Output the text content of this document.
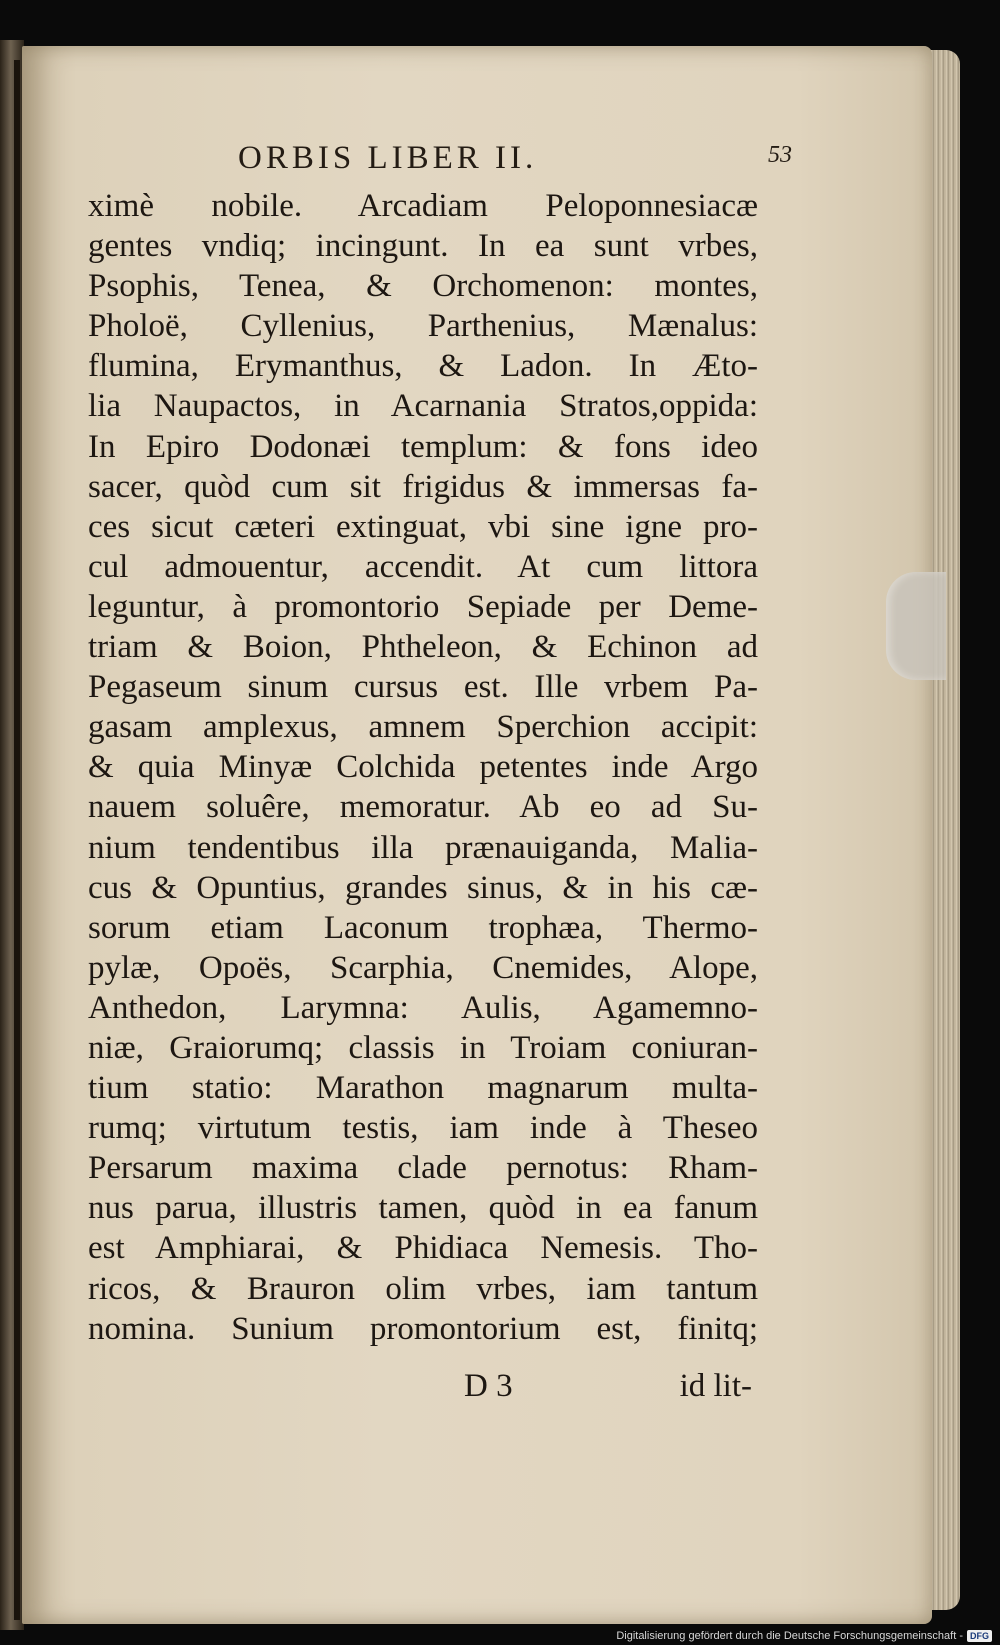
ORBIS LIBER II.	53
ximè nobile. Arcadiam Peloponnesiacæ
gentes vndiq; incingunt. In ea sunt vrbes,
Psophis, Tenea, & Orchomenon: montes,
Pholoë, Cyllenius, Parthenius, Mænalus:
flumina, Erymanthus, & Ladon. In Æto-
lia Naupactos, in Acarnania Stratos,oppida:
In Epiro Dodonæi templum: & fons ideo
sacer, quòd cum sit frigidus & immersas fa-
ces sicut cæteri extinguat, vbi sine igne pro-
cul admouentur, accendit. At cum littora
leguntur, à promontorio Sepiade per Deme-
triam & Boion, Phtheleon, & Echinon ad
Pegaseum sinum cursus est. Ille vrbem Pa-
gasam amplexus, amnem Sperchion accipit:
& quia Minyæ Colchida petentes inde Argo
nauem soluêre, memoratur. Ab eo ad Su-
nium tendentibus illa prænauiganda, Malia-
cus & Opuntius, grandes sinus, & in his cæ-
sorum etiam Laconum trophæa, Thermo-
pylæ, Opoës, Scarphia, Cnemides, Alope,
Anthedon, Larymna: Aulis, Agamemno-
niæ, Graiorumq; classis in Troiam coniuran-
tium statio: Marathon magnarum multa-
rumq; virtutum testis, iam inde à Theseo
Persarum maxima clade pernotus: Rham-
nus parua, illustris tamen, quòd in ea fanum
est Amphiarai, & Phidiaca Nemesis. Tho-
ricos, & Brauron olim vrbes, iam tantum
nomina. Sunium promontorium est, finitq;
D 3	id lit-
Digitalisierung gefördert durch die Deutsche Forschungsgemeinschaft - DFG
